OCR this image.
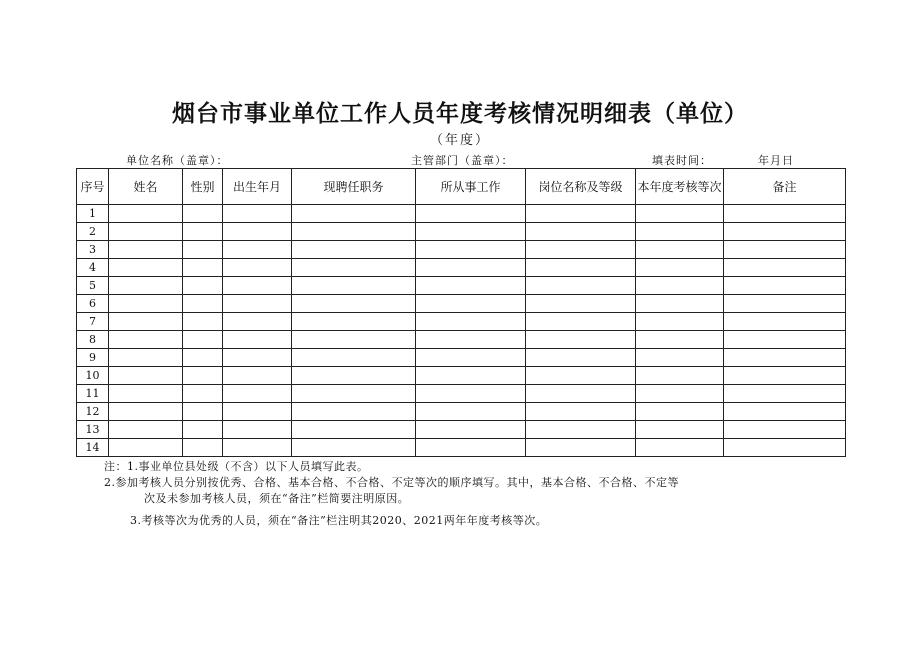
烟台市事业单位工作人员年度考核情况明细表（单位）
（年度）
单位名称（盖章）：	主管部门（盖章）：	填表时间：	年月日
序号	姓名	性别	出生年月	现聘任职务	所从事工作	岗位名称及等级	本年度考核等次	备注
1								
2								
3								
4								
5								
6								
7								
8								
9								
10								
11								
12								
13								
14								
注：1.事业单位县处级（不含）以下人员填写此表。
2.参加考核人员分别按优秀、合格、基本合格、不合格、不定等次的顺序填写。其中，基本合格、不合格、不定等
次及未参加考核人员，须在“备注”栏简要注明原因。
3.考核等次为优秀的人员，须在“备注”栏注明其2020、2021两年年度考核等次。
